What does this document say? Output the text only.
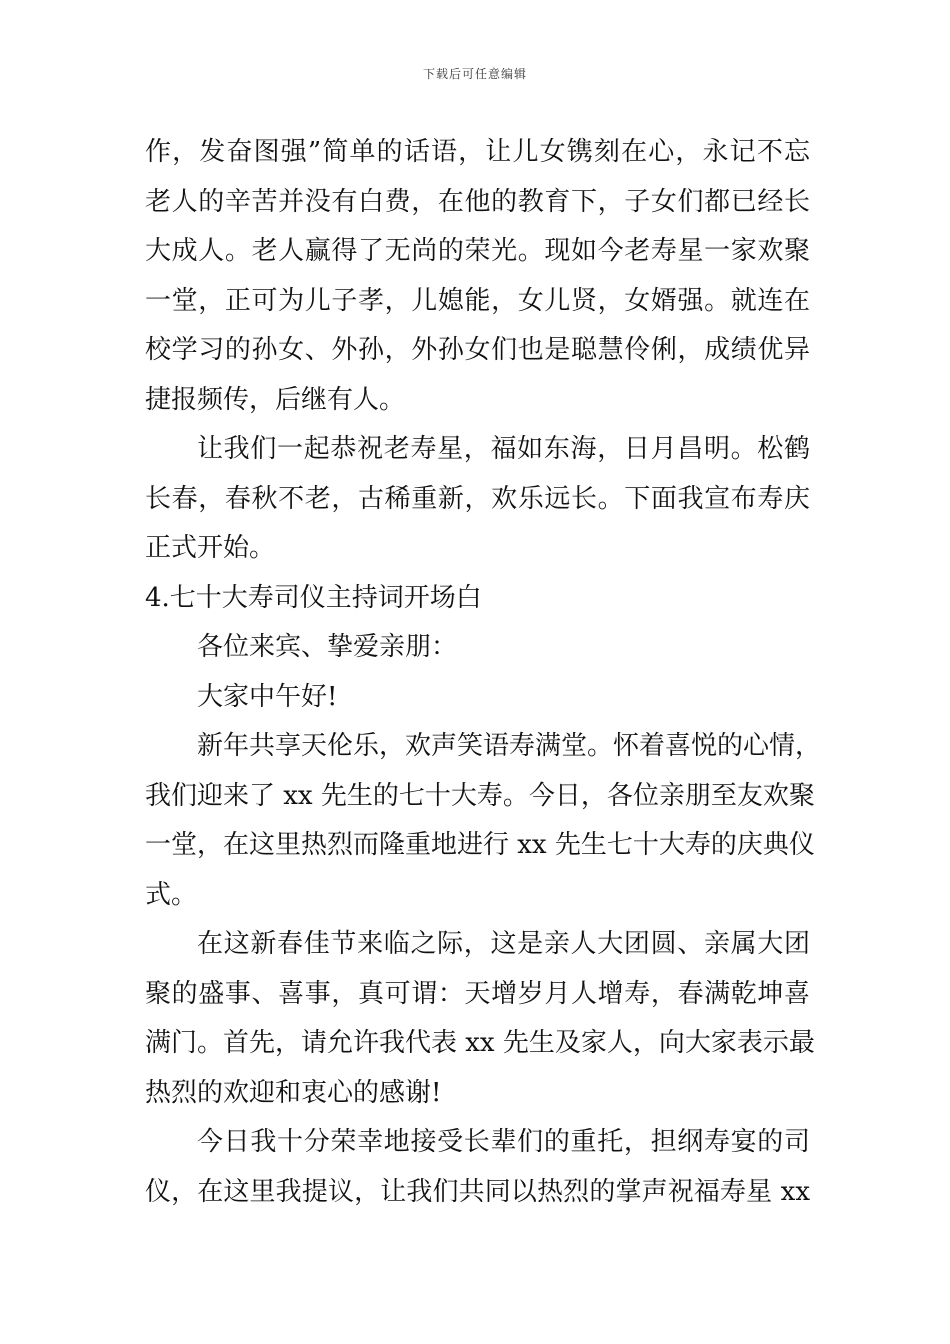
下载后可任意编辑
作，发奋图强”简单的话语，让儿女镌刻在心，永记不忘
老人的辛苦并没有白费，在他的教育下，子女们都已经长
大成人。老人赢得了无尚的荣光。现如今老寿星一家欢聚
一堂，正可为儿子孝，儿媳能，女儿贤，女婿强。就连在
校学习的孙女、外孙，外孙女们也是聪慧伶俐，成绩优异
捷报频传，后继有人。
让我们一起恭祝老寿星，福如东海，日月昌明。松鹤
长春，春秋不老，古稀重新，欢乐远长。下面我宣布寿庆
正式开始。
4.七十大寿司仪主持词开场白
各位来宾、挚爱亲朋：
大家中午好!
新年共享天伦乐，欢声笑语寿满堂。怀着喜悦的心情，
我们迎来了 xx 先生的七十大寿。今日，各位亲朋至友欢聚
一堂，在这里热烈而隆重地进行 xx 先生七十大寿的庆典仪
式。
在这新春佳节来临之际，这是亲人大团圆、亲属大团
聚的盛事、喜事，真可谓：天增岁月人增寿，春满乾坤喜
满门。首先，请允许我代表 xx 先生及家人，向大家表示最
热烈的欢迎和衷心的感谢!
今日我十分荣幸地接受长辈们的重托，担纲寿宴的司
仪，在这里我提议，让我们共同以热烈的掌声祝福寿星 xx
